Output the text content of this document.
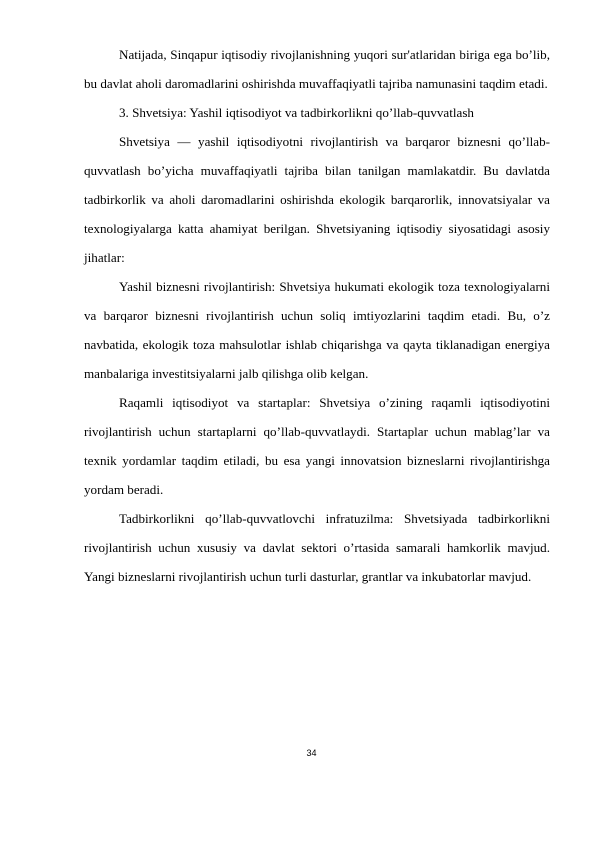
Natijada, Sinqapur iqtisodiy rivojlanishning yuqori sur'atlaridan biriga ega bo’lib, bu davlat aholi daromadlarini oshirishda muvaffaqiyatli tajriba namunasini taqdim etadi.

3. Shvetsiya: Yashil iqtisodiyot va tadbirkorlikni qo’llab-quvvatlash

Shvetsiya — yashil iqtisodiyotni rivojlantirish va barqaror biznesni qo’llab-quvvatlash bo’yicha muvaffaqiyatli tajriba bilan tanilgan mamlakatdir. Bu davlatda tadbirkorlik va aholi daromadlarini oshirishda ekologik barqarorlik, innovatsiyalar va texnologiyalarga katta ahamiyat berilgan. Shvetsiyaning iqtisodiy siyosatidagi asosiy jihatlar:

Yashil biznesni rivojlantirish: Shvetsiya hukumati ekologik toza texnologiyalarni va barqaror biznesni rivojlantirish uchun soliq imtiyozlarini taqdim etadi. Bu, o’z navbatida, ekologik toza mahsulotlar ishlab chiqarishga va qayta tiklanadigan energiya manbalariga investitsiyalarni jalb qilishga olib kelgan.

Raqamli iqtisodiyot va startaplar: Shvetsiya o’zining raqamli iqtisodiyotini rivojlantirish uchun startaplarni qo’llab-quvvatlaydi. Startaplar uchun mablag’lar va texnik yordamlar taqdim etiladi, bu esa yangi innovatsion bizneslarni rivojlantirishga yordam beradi.

Tadbirkorlikni qo’llab-quvvatlovchi infratuzilma: Shvetsiyada tadbirkorlikni rivojlantirish uchun xususiy va davlat sektori o’rtasida samarali hamkorlik mavjud. Yangi bizneslarni rivojlantirish uchun turli dasturlar, grantlar va inkubatorlar mavjud.

34
